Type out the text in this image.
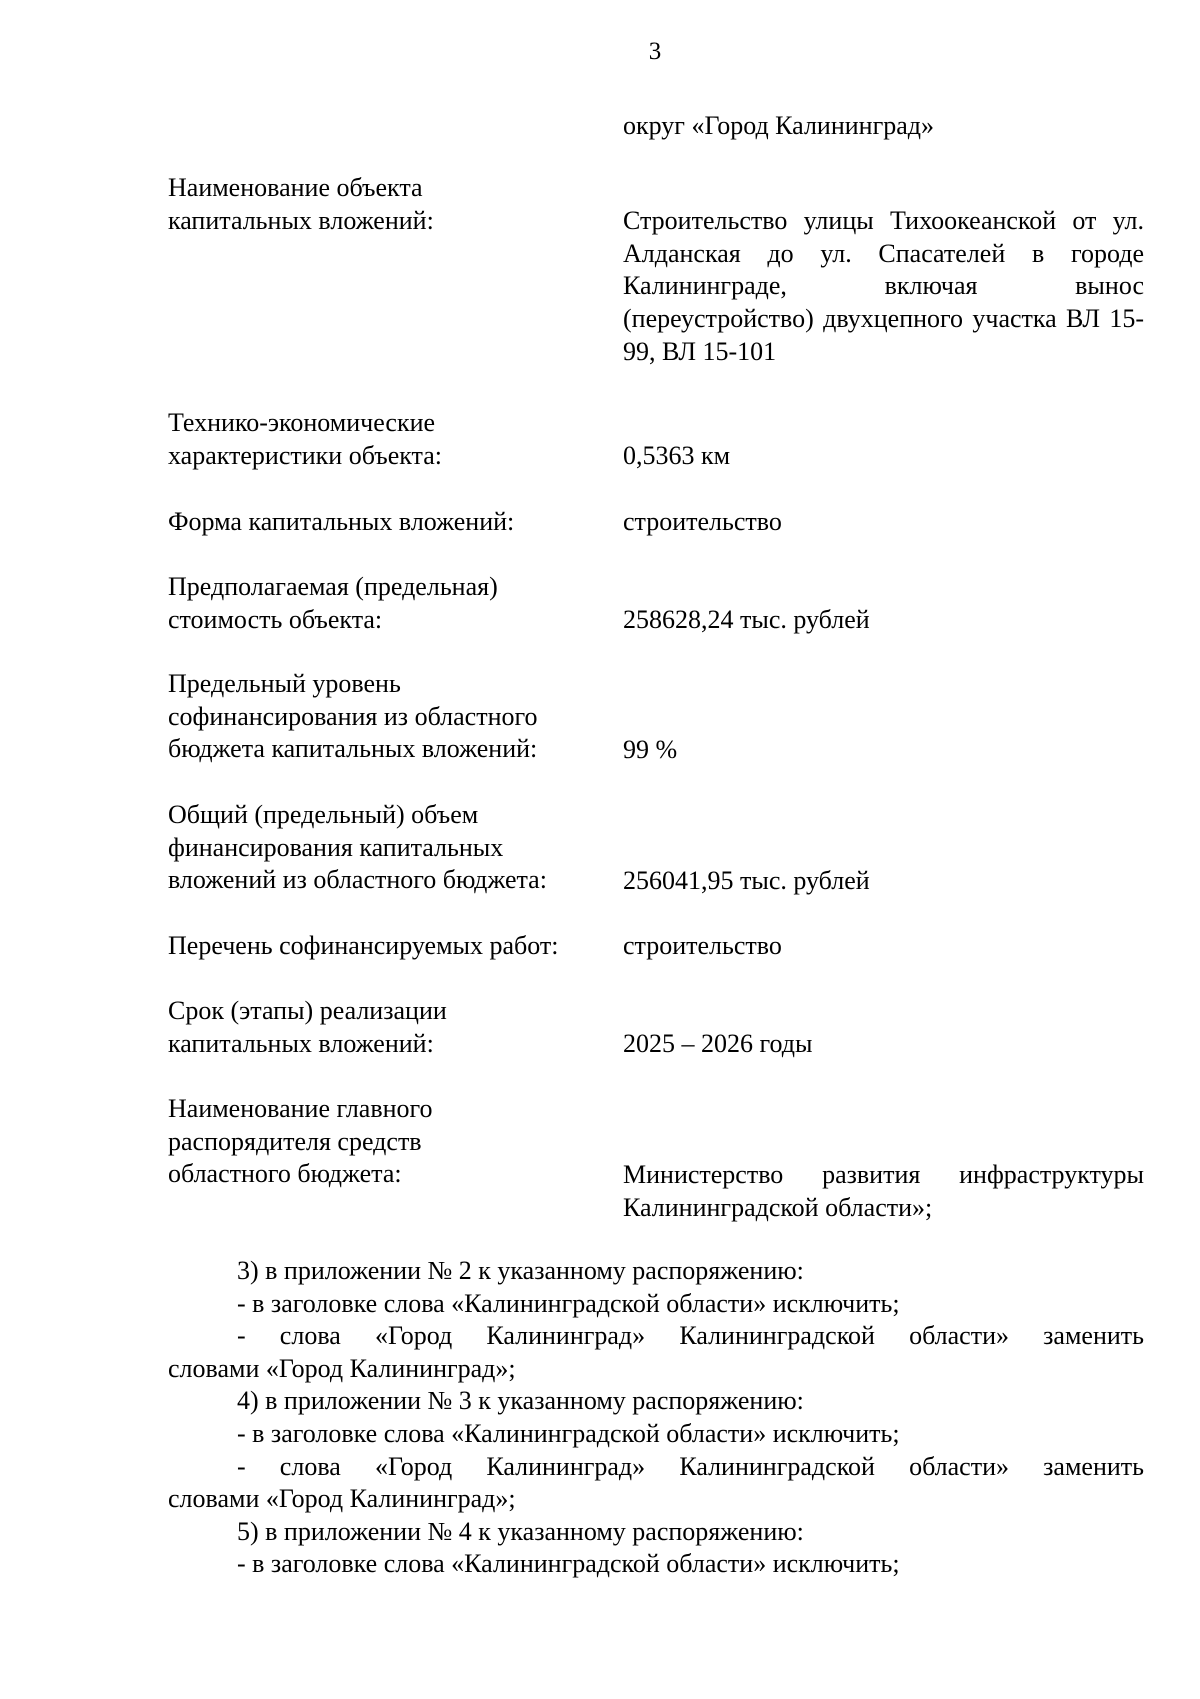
3
округ «Город Калининград»
Наименование объекта капитальных вложений:	Строительство улицы Тихоокеанской от ул. Алданская до ул. Спасателей в городе Калининграде, включая вынос (переустройство) двухцепного участка ВЛ 15-99, ВЛ 15-101
Технико-экономические характеристики объекта:	0,5363 км
Форма капитальных вложений:	строительство
Предполагаемая (предельная) стоимость объекта:	258628,24 тыс. рублей
Предельный уровень софинансирования из областного бюджета капитальных вложений:	99 %
Общий (предельный) объем финансирования капитальных вложений из областного бюджета:	256041,95 тыс. рублей
Перечень софинансируемых работ:	строительство
Срок (этапы) реализации капитальных вложений:	2025 – 2026 годы
Наименование главного распорядителя средств областного бюджета:	Министерство развития инфраструктуры Калининградской области»;

3) в приложении № 2 к указанному распоряжению:

- в заголовке слова «Калининградской области» исключить;

- слова «Город Калининград» Калининградской области» заменить

словами «Город Калининград»;

4) в приложении № 3 к указанному распоряжению:

- в заголовке слова «Калининградской области» исключить;

- слова «Город Калининград» Калининградской области» заменить

словами «Город Калининград»;

5) в приложении № 4 к указанному распоряжению:

- в заголовке слова «Калининградской области» исключить;
